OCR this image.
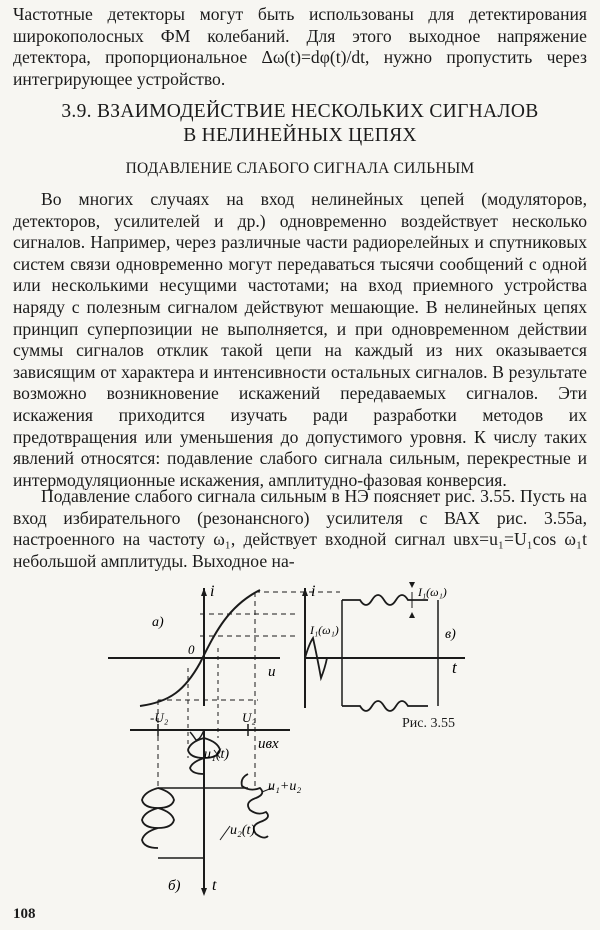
Частотные детекторы могут быть использованы для детектирования широкополосных ФМ колебаний. Для этого выходное напряжение детектора, пропорциональное Δω(t)=dφ(t)/dt, нужно пропустить через интегрирующее устройство.

3.9. ВЗАИМОДЕЙСТВИЕ НЕСКОЛЬКИХ СИГНАЛОВ

В НЕЛИНЕЙНЫХ ЦЕПЯХ

ПОДАВЛЕНИЕ СЛАБОГО СИГНАЛА СИЛЬНЫМ

Во многих случаях на вход нелинейных цепей (модуляторов, детекторов, усилителей и др.) одновременно воздействует несколько сигналов. Например, через различные части радиорелейных и спутниковых систем связи одновременно могут передаваться тысячи сообщений с одной или несколькими несущими частотами; на вход приемного устройства наряду с полезным сигналом действуют мешающие. В нелинейных цепях принцип суперпозиции не выполняется, и при одновременном действии суммы сигналов отклик такой цепи на каждый из них оказывается зависящим от характера и интенсивности остальных сигналов. В результате возможно возникновение искажений передаваемых сигналов. Эти искажения приходится изучать ради разработки методов их предотвращения или уменьшения до допустимого уровня. К числу таких явлений относятся: подавление слабого сигнала сильным, перекрестные и интермодуляционные искажения, амплитудно-фазовая конверсия.

Подавление слабого сигнала сильным в НЭ поясняет рис. 3.55. Пусть на вход избирательного (резонансного) усилителя с ВАХ рис. 3.55а, настроенного на частоту ω₁, действует входной сигнал uвх=u₁=U₁cos ω₁t небольшой амплитуды. Выходное на-

i
а)
0
u
-U₂	U₂
uвх
u₁(t)
u₁+u₂
u₂(t)
t
б)
i
I₁(ω₁)
I₁(ω₁)
в)
t
Рис. 3.55
108
